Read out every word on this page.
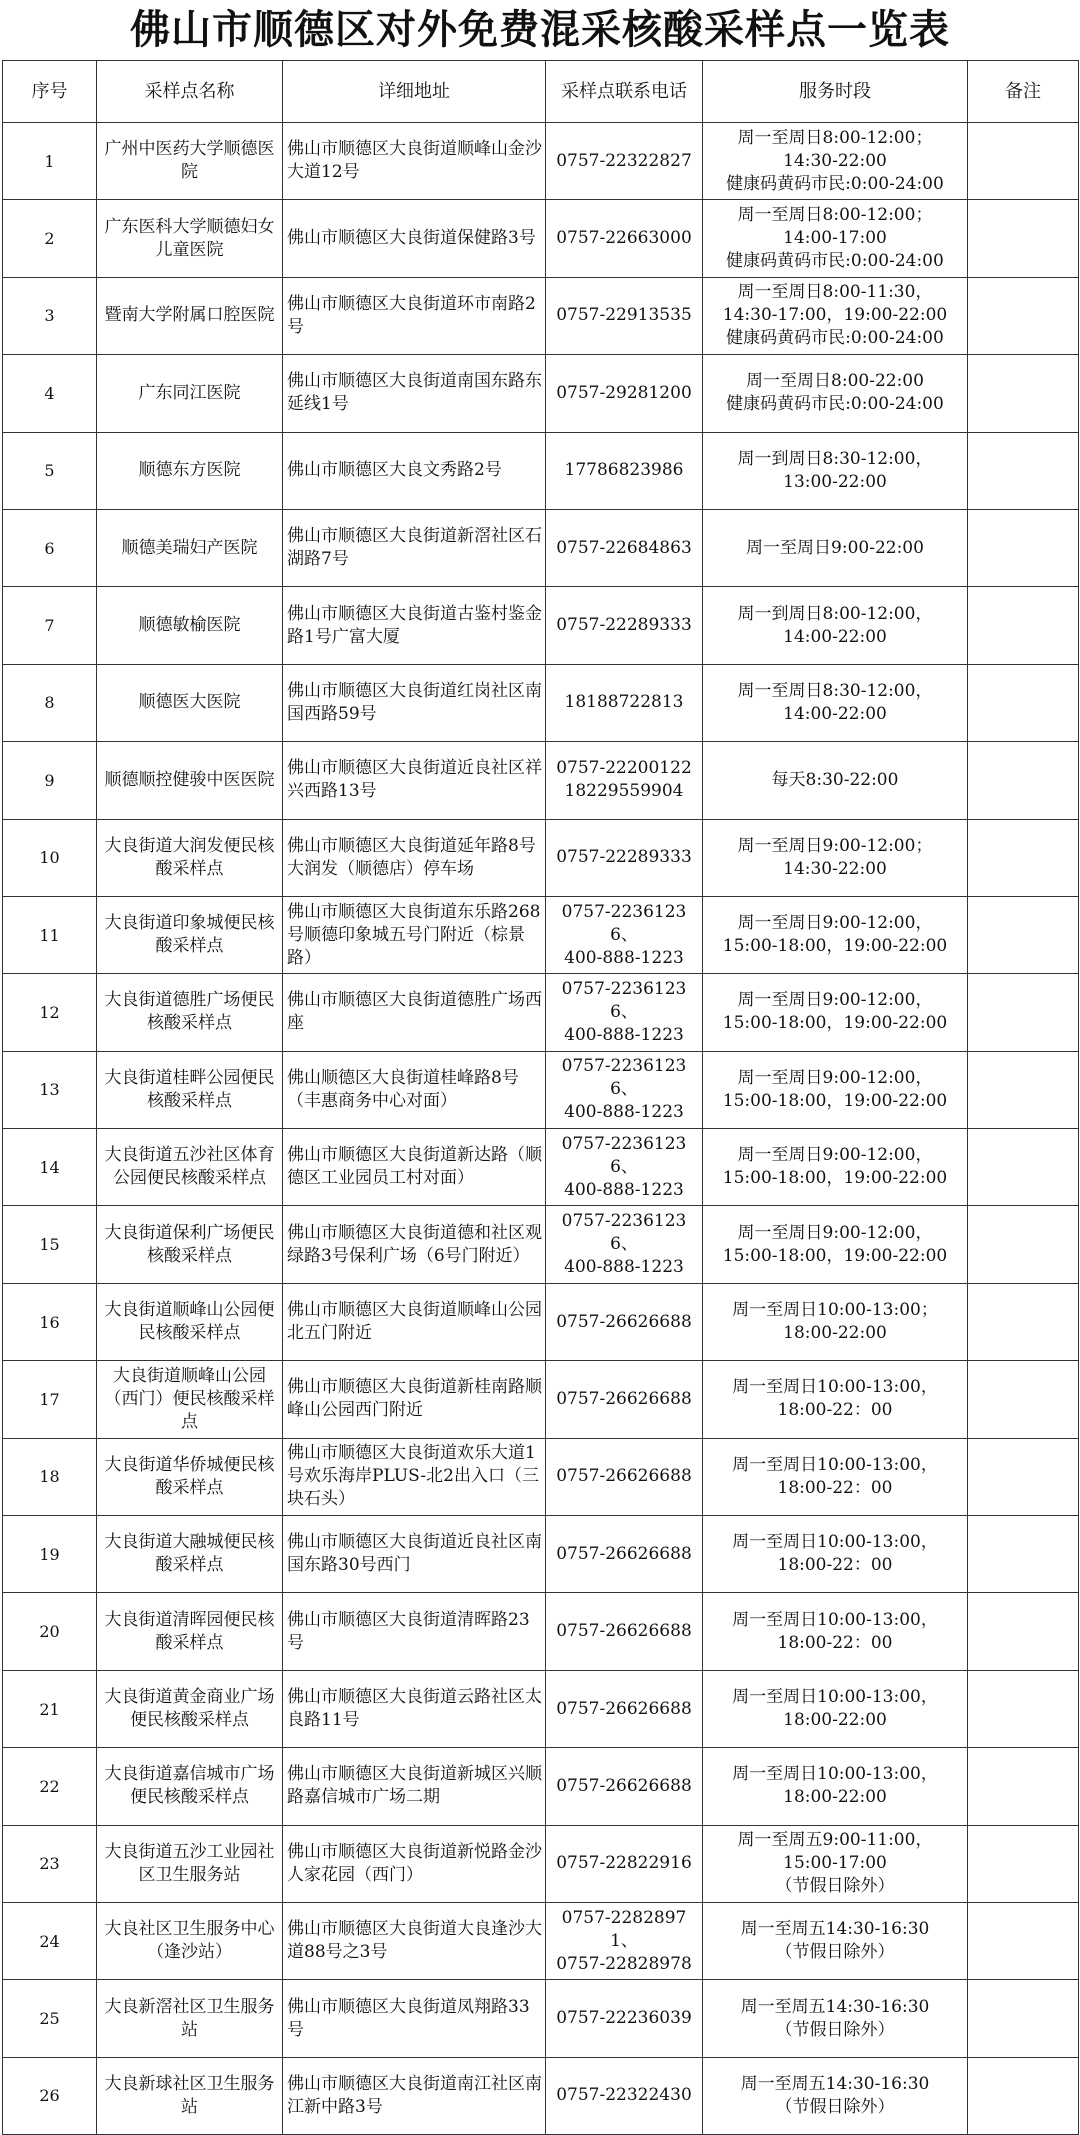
佛山市顺德区对外免费混采核酸采样点一览表
序号	采样点名称	详细地址	采样点联系电话	服务时段	备注
1	广州中医药大学顺德医院	佛山市顺德区大良街道顺峰山金沙大道12号	0757-22322827	周一至周日8:00-12:00；
14:30-22:00
健康码黄码市民:0:00-24:00	
2	广东医科大学顺德妇女儿童医院	佛山市顺德区大良街道保健路3号	0757-22663000	周一至周日8:00-12:00；
14:00-17:00
健康码黄码市民:0:00-24:00	
3	暨南大学附属口腔医院	佛山市顺德区大良街道环市南路2号	0757-22913535	周一至周日8:00-11:30，
14:30-17:00，19:00-22:00
健康码黄码市民:0:00-24:00	
4	广东同江医院	佛山市顺德区大良街道南国东路东延线1号	0757-29281200	周一至周日8:00-22:00
健康码黄码市民:0:00-24:00	
5	顺德东方医院	佛山市顺德区大良文秀路2号	17786823986	周一到周日8:30-12:00，
13:00-22:00	
6	顺德美瑞妇产医院	佛山市顺德区大良街道新滘社区石湖路7号	0757-22684863	周一至周日9:00-22:00	
7	顺德敏榆医院	佛山市顺德区大良街道古鉴村鉴金路1号广富大厦	0757-22289333	周一到周日8:00-12:00，
14:00-22:00	
8	顺德医大医院	佛山市顺德区大良街道红岗社区南国西路59号	18188722813	周一至周日8:30-12:00，
14:00-22:00	
9	顺德顺控健骏中医医院	佛山市顺德区大良街道近良社区祥兴西路13号	0757-22200122
18229559904	每天8:30-22:00	
10	大良街道大润发便民核酸采样点	佛山市顺德区大良街道延年路8号大润发（顺德店）停车场	0757-22289333	周一至周日9:00-12:00；
14:30-22:00	
11	大良街道印象城便民核酸采样点	佛山市顺德区大良街道东乐路268号顺德印象城五号门附近（棕景路）	0757-22361236、
400-888-1223	周一至周日9:00-12:00，
15:00-18:00，19:00-22:00	
12	大良街道德胜广场便民核酸采样点	佛山市顺德区大良街道德胜广场西座	0757-22361236、
400-888-1223	周一至周日9:00-12:00，
15:00-18:00，19:00-22:00	
13	大良街道桂畔公园便民核酸采样点	佛山顺德区大良街道桂峰路8号（丰惠商务中心对面）	0757-22361236、
400-888-1223	周一至周日9:00-12:00，
15:00-18:00，19:00-22:00	
14	大良街道五沙社区体育公园便民核酸采样点	佛山市顺德区大良街道新达路（顺德区工业园员工村对面）	0757-22361236、
400-888-1223	周一至周日9:00-12:00，
15:00-18:00，19:00-22:00	
15	大良街道保利广场便民核酸采样点	佛山市顺德区大良街道德和社区观绿路3号保利广场（6号门附近）	0757-22361236、
400-888-1223	周一至周日9:00-12:00，
15:00-18:00，19:00-22:00	
16	大良街道顺峰山公园便民核酸采样点	佛山市顺德区大良街道顺峰山公园北五门附近	0757-26626688	周一至周日10:00-13:00；
18:00-22:00	
17	大良街道顺峰山公园（西门）便民核酸采样点	佛山市顺德区大良街道新桂南路顺峰山公园西门附近	0757-26626688	周一至周日10:00-13:00，
18:00-22：00	
18	大良街道华侨城便民核酸采样点	佛山市顺德区大良街道欢乐大道1号欢乐海岸PLUS-北2出入口（三块石头）	0757-26626688	周一至周日10:00-13:00，
18:00-22：00	
19	大良街道大融城便民核酸采样点	佛山市顺德区大良街道近良社区南国东路30号西门	0757-26626688	周一至周日10:00-13:00，
18:00-22：00	
20	大良街道清晖园便民核酸采样点	佛山市顺德区大良街道清晖路23号	0757-26626688	周一至周日10:00-13:00，
18:00-22：00	
21	大良街道黄金商业广场便民核酸采样点	佛山市顺德区大良街道云路社区太良路11号	0757-26626688	周一至周日10:00-13:00，
18:00-22:00	
22	大良街道嘉信城市广场便民核酸采样点	佛山市顺德区大良街道新城区兴顺路嘉信城市广场二期	0757-26626688	周一至周日10:00-13:00，
18:00-22:00	
23	大良街道五沙工业园社区卫生服务站	佛山市顺德区大良街道新悦路金沙人家花园（西门）	0757-22822916	周一至周五9:00-11:00，
15:00-17:00
（节假日除外）	
24	大良社区卫生服务中心（逢沙站）	佛山市顺德区大良街道大良逢沙大道88号之3号	0757-22828971、
0757-22828978	周一至周五14:30-16:30
（节假日除外）	
25	大良新滘社区卫生服务站	佛山市顺德区大良街道凤翔路33号	0757-22236039	周一至周五14:30-16:30
（节假日除外）	
26	大良新球社区卫生服务站	佛山市顺德区大良街道南江社区南江新中路3号	0757-22322430	周一至周五14:30-16:30
（节假日除外）	
